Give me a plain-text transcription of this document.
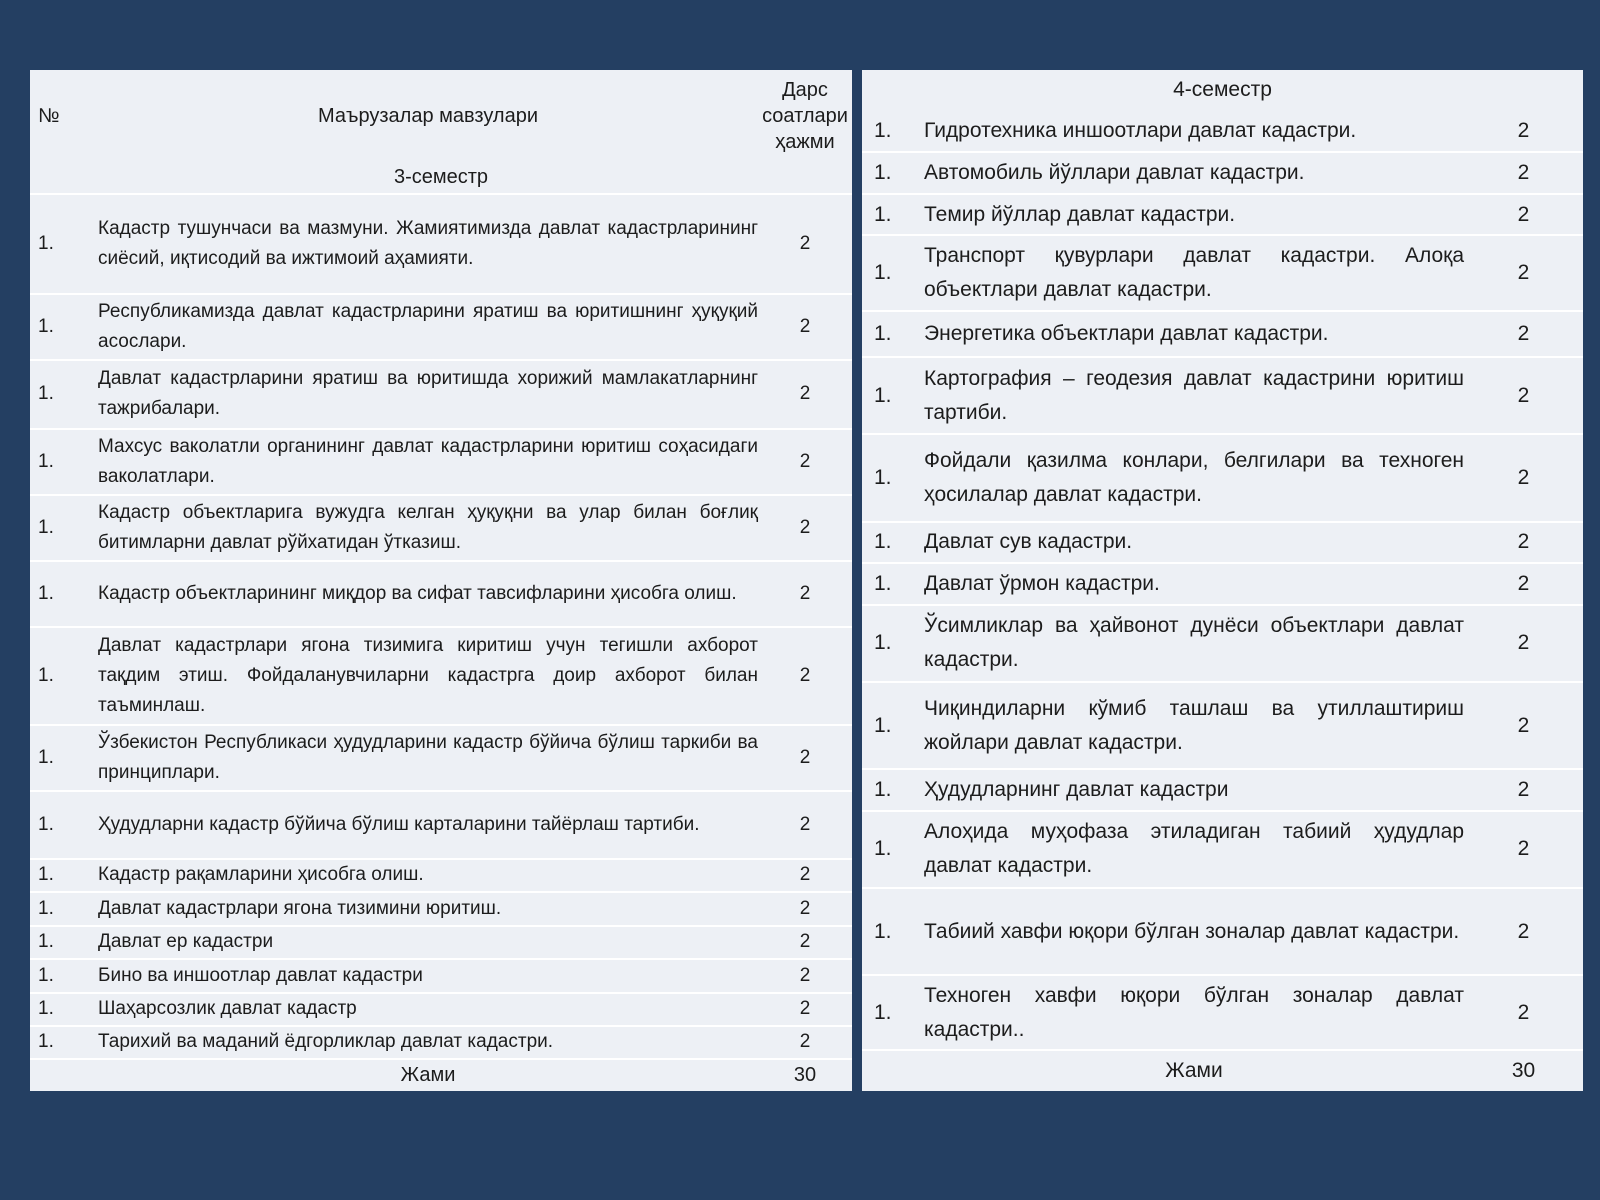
№	Маърузалар мавзулари	Дарс соатлари ҳажми
3-семестр		
1.	Кадастр тушунчаси ва мазмуни. Жамиятимизда давлат кадастрларининг сиёсий, иқтисодий ва ижтимоий аҳамияти.	2
1.	Республикамизда давлат кадастрларини яратиш ва юритишнинг ҳуқуқий асослари.	2
1.	Давлат кадастрларини яратиш ва юритишда хорижий мамлакатларнинг тажрибалари.	2
1.	Махсус ваколатли органининг давлат кадастрларини юритиш соҳасидаги ваколатлари.	2
1.	Кадастр объектларига вужудга келган ҳуқуқни ва улар билан боғлиқ битимларни давлат рўйхатидан ўтказиш.	2
1.	Кадастр объектларининг миқдор ва сифат тавсифларини ҳисобга олиш.	2
1.	Давлат кадастрлари ягона тизимига киритиш учун тегишли ахборот тақдим этиш. Фойдаланувчиларни кадастрга доир ахборот билан таъминлаш.	2
1.	Ўзбекистон Республикаси ҳудудларини кадастр бўйича бўлиш таркиби ва принциплари.	2
1.	Ҳудудларни кадастр бўйича бўлиш карталарини тайёрлаш тартиби.	2
1.	Кадастр рақамларини ҳисобга олиш.	2
1.	Давлат кадастрлари ягона тизимини юритиш.	2
1.	Давлат ер кадастри	2
1.	Бино ва иншоотлар давлат кадастри	2
1.	Шаҳарсозлик давлат кадастр	2
1.	Тарихий ва маданий ёдгорликлар давлат кадастри.	2
	Жами	30
4-семестр		
1.	Гидротехника иншоотлари давлат кадастри.	2
1.	Автомобиль йўллари давлат кадастри.	2
1.	Темир йўллар давлат кадастри.	2
1.	Транспорт қувурлари давлат кадастри. Алоқа объектлари давлат кадастри.	2
1.	Энергетика объектлари давлат кадастри.	2
1.	Картография – геодезия давлат кадастрини юритиш тартиби.	2
1.	Фойдали қазилма конлари, белгилари ва техноген ҳосилалар давлат кадастри.	2
1.	Давлат сув кадастри.	2
1.	Давлат ўрмон кадастри.	2
1.	Ўсимликлар ва ҳайвонот дунёси объектлари давлат кадастри.	2
1.	Чиқиндиларни кўмиб ташлаш ва утиллаштириш жойлари давлат кадастри.	2
1.	Ҳудудларнинг давлат кадастри	2
1.	Алоҳида муҳофаза этиладиган табиий ҳудудлар давлат кадастри.	2
1.	Табиий хавфи юқори бўлган зоналар давлат кадастри.	2
1.	Техноген хавфи юқори бўлган зоналар давлат кадастри..	2
	Жами	30
